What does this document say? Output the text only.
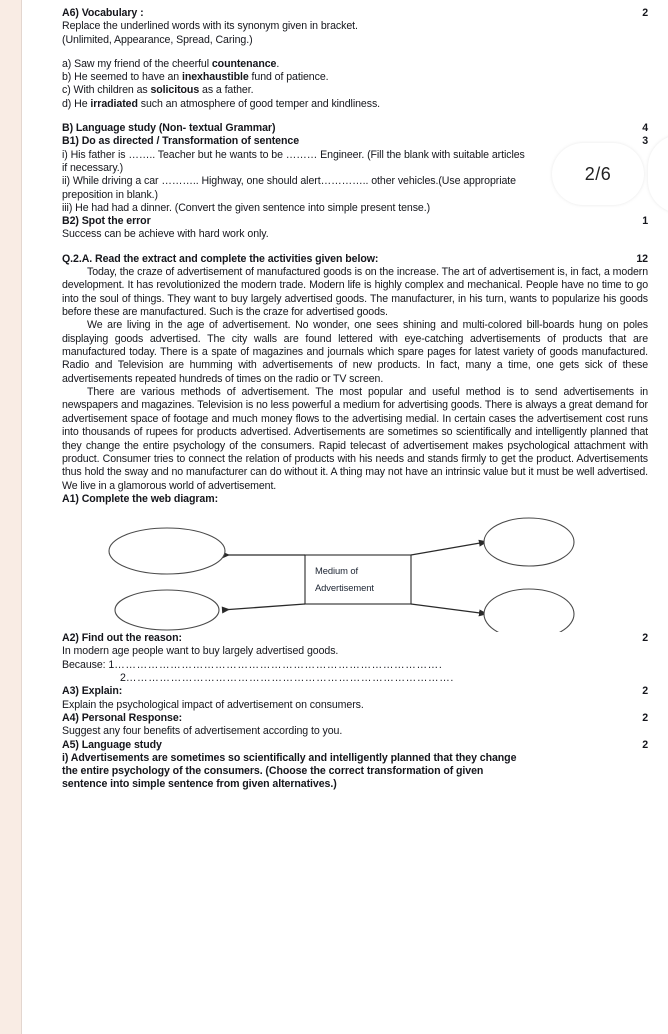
A6) Vocabulary :	2
Replace the underlined words with its synonym given in bracket.
(Unlimited, Appearance, Spread, Caring.)
a) Saw my friend of the cheerful countenance.
b) He seemed to have an inexhaustible fund of patience.
c) With children as solicitous as a father.
d) He irradiated such an atmosphere of good temper and kindliness.
B) Language study (Non- textual Grammar)	4
B1) Do as directed / Transformation of sentence	3
i) His father is …….. Teacher but he wants to be ……… Engineer. (Fill the blank with suitable articles
if necessary.)
ii) While driving a car ……….. Highway, one should alert………….. other vehicles.(Use appropriate
preposition in blank.)
iii) He had had a dinner. (Convert the given sentence into simple present tense.)
B2) Spot the error	1
Success can be achieve with hard work only.
Q.2.A. Read the extract and complete the activities given below:	12

Today, the craze of advertisement of manufactured goods is on the increase. The art of advertisement is, in fact, a modern development. It has revolutionized the modern trade. Modern life is highly complex and mechanical. People have no time to go into the soul of things. They want to buy largely advertised goods. The manufacturer, in his turn, wants to popularize his goods before these are manufactured. Such is the craze for advertised goods.

We are living in the age of advertisement. No wonder, one sees shining and multi-colored bill-boards hung on poles displaying goods advertised. The city walls are found lettered with eye-catching advertisements of products that are manufactured today. There is a spate of magazines and journals which spare pages for latest variety of goods manufactured. Radio and Television are humming with advertisements of new products. In fact, many a time, one gets sick of these advertisements repeated hundreds of times on the radio or TV screen.

There are various methods of advertisement. The most popular and useful method is to send advertisements in newspapers and magazines. Television is no less powerful a medium for advertising goods. There is always a great demand for advertisement space of footage and much money flows to the advertising medial. In certain cases the advertisement cost runs into thousands of rupees for products advertised. Advertisements are sometimes so scientifically and intelligently planned that they change the entire psychology of the consumers. Rapid telecast of advertisement makes psychological attachment with product. Consumer tries to connect the relation of products with his needs and stands firmly to get the product. Advertisements thus hold the sway and no manufacturer can do without it. A thing may not have an intrinsic value but it must be well advertised. We live in a glamorous world of advertisement.

A1) Complete the web diagram:
Medium of
Advertisement
A2) Find out the reason:	2
In modern age people want to buy largely advertised goods.
Because: 1…………………………………………………………………………….
2…………………………………………………………………………….
A3) Explain:	2
Explain the psychological impact of advertisement on consumers.
A4) Personal Response:	2
Suggest any four benefits of advertisement according to you.
A5) Language study	2
i) Advertisements are sometimes so scientifically and intelligently planned that they change
the entire psychology of the consumers. (Choose the correct transformation of given
sentence into simple sentence from given alternatives.)
2/6
